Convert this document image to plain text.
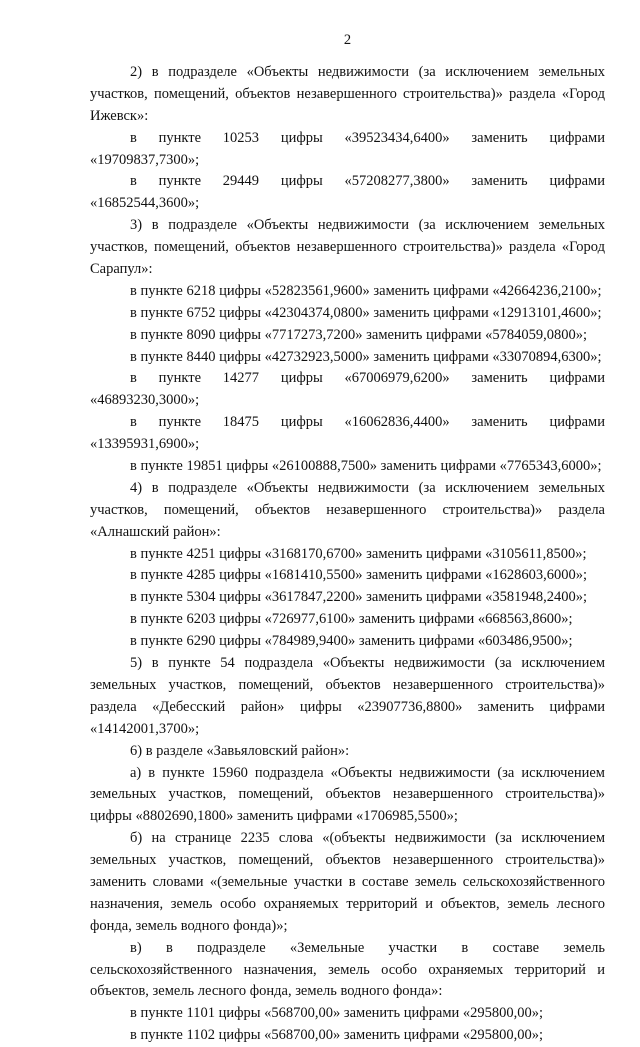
2

2) в подразделе «Объекты недвижимости (за исключением земельных

участков, помещений, объектов незавершенного строительства)» раздела «Город

Ижевск»:

в пункте 10253 цифры «39523434,6400» заменить цифрами

«19709837,7300»;

в пункте 29449 цифры «57208277,3800» заменить цифрами

«16852544,3600»;

3) в подразделе «Объекты недвижимости (за исключением земельных

участков, помещений, объектов незавершенного строительства)» раздела «Город

Сарапул»:

в пункте 6218 цифры «52823561,9600» заменить цифрами «42664236,2100»;

в пункте 6752 цифры «42304374,0800» заменить цифрами «12913101,4600»;

в пункте 8090 цифры «7717273,7200» заменить цифрами «5784059,0800»;

в пункте 8440 цифры «42732923,5000» заменить цифрами «33070894,6300»;

в пункте 14277 цифры «67006979,6200» заменить цифрами

«46893230,3000»;

в пункте 18475 цифры «16062836,4400» заменить цифрами

«13395931,6900»;

в пункте 19851 цифры «26100888,7500» заменить цифрами «7765343,6000»;

4) в подразделе «Объекты недвижимости (за исключением земельных

участков, помещений, объектов незавершенного строительства)» раздела

«Алнашский район»:

в пункте 4251 цифры «3168170,6700» заменить цифрами «3105611,8500»;

в пункте 4285 цифры «1681410,5500» заменить цифрами «1628603,6000»;

в пункте 5304 цифры «3617847,2200» заменить цифрами «3581948,2400»;

в пункте 6203 цифры «726977,6100» заменить цифрами «668563,8600»;

в пункте 6290 цифры «784989,9400» заменить цифрами «603486,9500»;

5) в пункте 54 подраздела «Объекты недвижимости (за исключением

земельных участков, помещений, объектов незавершенного строительства)»

раздела «Дебесский район» цифры «23907736,8800» заменить цифрами

«14142001,3700»;

6) в разделе «Завьяловский район»:

а) в пункте 15960 подраздела «Объекты недвижимости (за исключением

земельных участков, помещений, объектов незавершенного строительства)»

цифры «8802690,1800» заменить цифрами «1706985,5500»;

б) на странице 2235 слова «(объекты недвижимости (за исключением

земельных участков, помещений, объектов незавершенного строительства)»

заменить словами «(земельные участки в составе земель сельскохозяйственного

назначения, земель особо охраняемых территорий и объектов, земель лесного

фонда, земель водного фонда)»;

в) в подразделе «Земельные участки в составе земель

сельскохозяйственного назначения, земель особо охраняемых территорий и

объектов, земель лесного фонда, земель водного фонда»:

в пункте 1101 цифры «568700,00» заменить цифрами «295800,00»;

в пункте 1102 цифры «568700,00» заменить цифрами «295800,00»;
